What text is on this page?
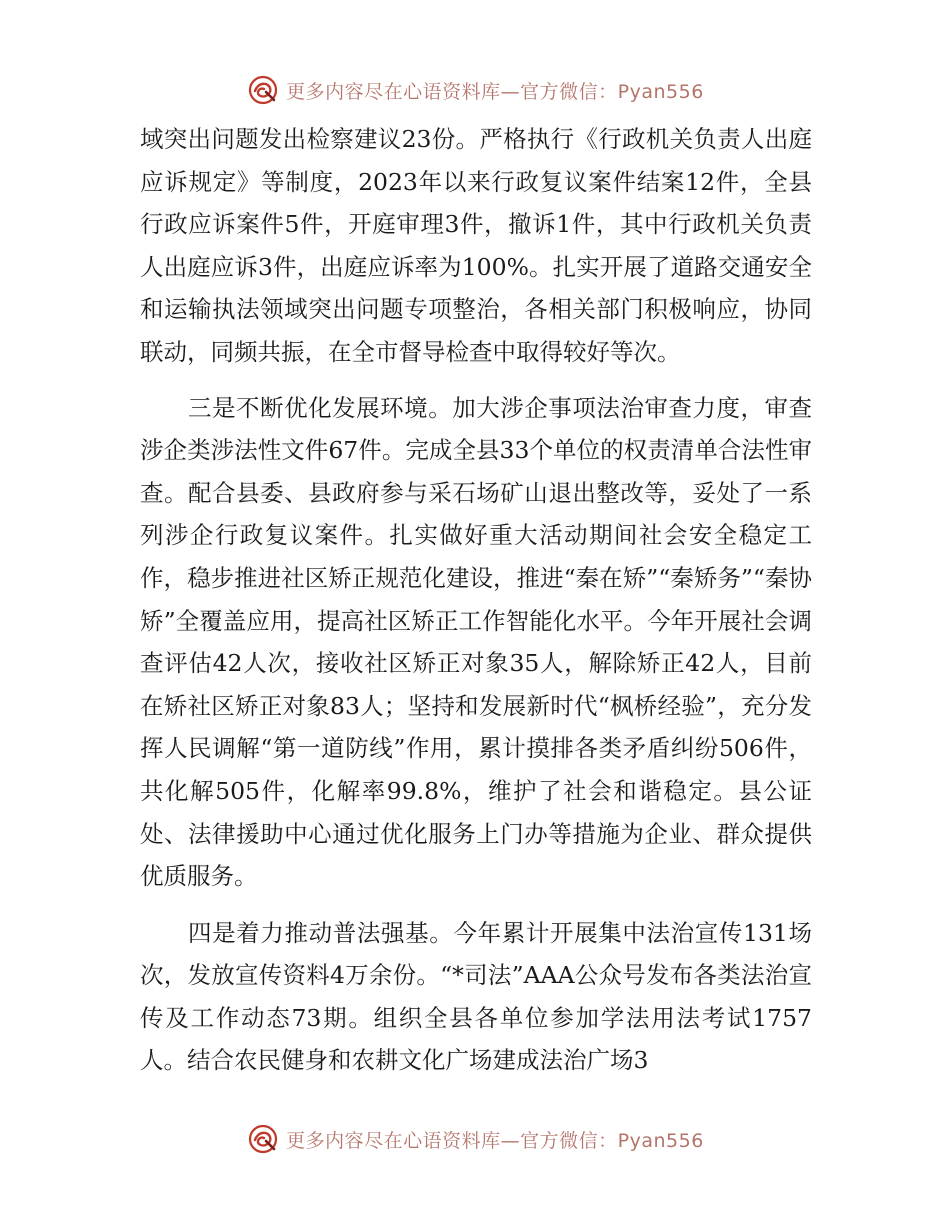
更多内容尽在心语资料库—官方微信：Pyan556

域突出问题发出检察建议23份。严格执行《行政机关负责人出庭应诉规定》等制度，2023年以来行政复议案件结案12件，全县行政应诉案件5件，开庭审理3件，撤诉1件，其中行政机关负责人出庭应诉3件，出庭应诉率为100%。扎实开展了道路交通安全和运输执法领域突出问题专项整治，各相关部门积极响应，协同联动，同频共振，在全市督导检查中取得较好等次。

三是不断优化发展环境。加大涉企事项法治审查力度，审查涉企类涉法性文件67件。完成全县33个单位的权责清单合法性审查。配合县委、县政府参与采石场矿山退出整改等，妥处了一系列涉企行政复议案件。扎实做好重大活动期间社会安全稳定工作，稳步推进社区矫正规范化建设，推进“秦在矫”“秦矫务”“秦协矫”全覆盖应用，提高社区矫正工作智能化水平。今年开展社会调查评估42人次，接收社区矫正对象35人，解除矫正42人，目前在矫社区矫正对象83人；坚持和发展新时代“枫桥经验”，充分发挥人民调解“第一道防线”作用，累计摸排各类矛盾纠纷506件，共化解505件，化解率99.8%，维护了社会和谐稳定。县公证处、法律援助中心通过优化服务上门办等措施为企业、群众提供优质服务。

四是着力推动普法强基。今年累计开展集中法治宣传131场次，发放宣传资料4万余份。“*司法”AAA公众号发布各类法治宣传及工作动态73期。组织全县各单位参加学法用法考试1757人。结合农民健身和农耕文化广场建成法治广场3

更多内容尽在心语资料库—官方微信：Pyan556
